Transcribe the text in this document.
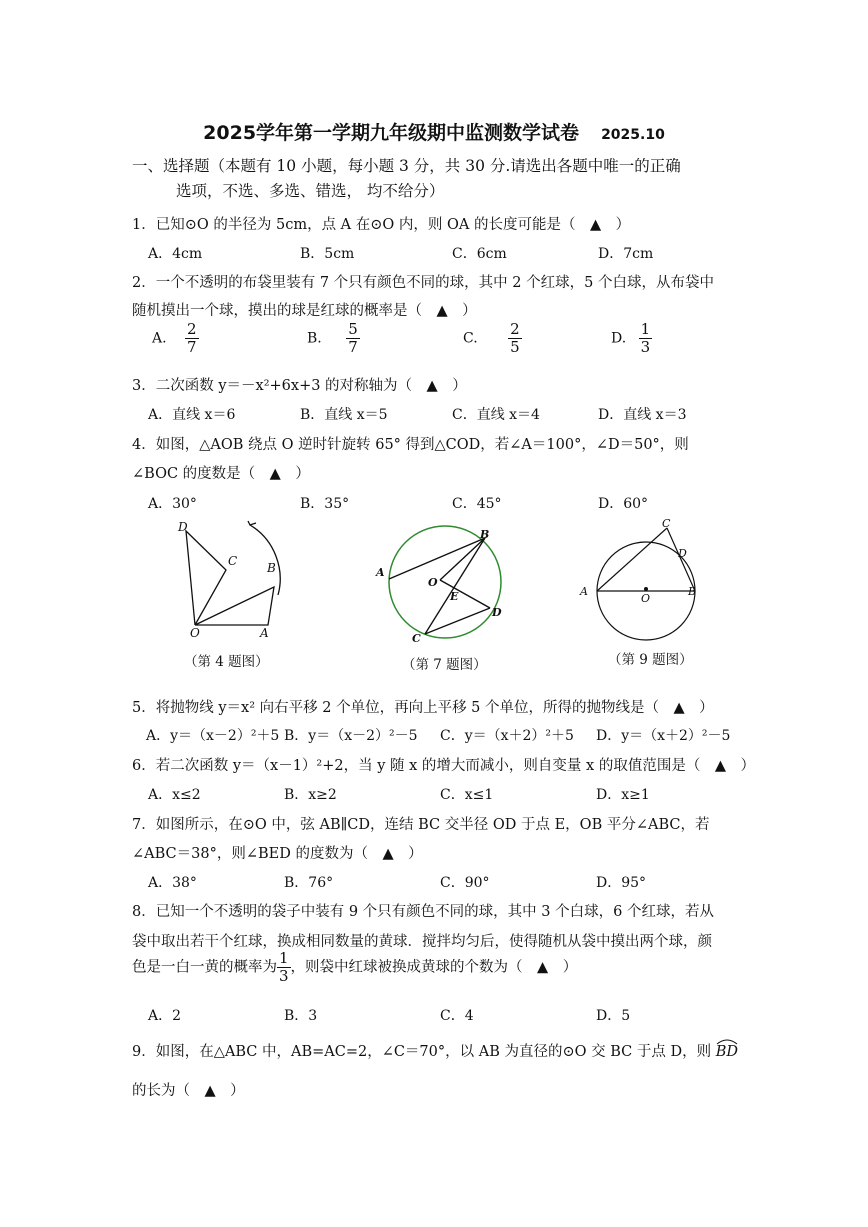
2025学年第一学期九年级期中监测数学试卷 2025.10
一、选择题（本题有 10 小题，每小题 3 分，共 30 分.请选出各题中唯一的正确
选项，不选、多选、错选， 均不给分）
1．已知⊙O 的半径为 5cm，点 A 在⊙O 内，则 OA 的长度可能是（　▲　）
A．4cm	B．5cm	C．6cm	D．7cm
2．一个不透明的布袋里装有 7 个只有颜色不同的球，其中 2 个红球，5 个白球，从布袋中
随机摸出一个球，摸出的球是红球的概率是（　▲　）
A. $\frac{2}{7}$	B. $\frac{5}{7}$	C. $\frac{2}{5}$	D. $\frac{1}{3}$
3．二次函数 y＝－x²+6x+3 的对称轴为（　▲　）
A．直线 x＝6	B．直线 x＝5	C．直线 x＝4	D．直线 x＝3
4．如图，△AOB 绕点 O 逆时针旋转 65° 得到△COD，若∠A＝100°，∠D＝50°，则
∠BOC 的度数是（　▲　）
A．30°	B．35°	C．45°	D．60°
D
C B
O	A
（第 4 题图）
B
A
O
E
D
C
（第 7 题图）
C
D
A
O
B
（第 9 题图）
5．将抛物线 y＝x² 向右平移 2 个单位，再向上平移 5 个单位，所得的抛物线是（　▲　）
A．y＝（x－2）²＋5 B．y＝（x－2）²－5 C．y＝（x＋2）²＋5 D．y＝（x＋2）²－5
6．若二次函数 y＝（x－1）²+2，当 y 随 x 的增大而减小，则自变量 x 的取值范围是（　▲　）
A．x≤2	B．x≥2	C．x≤1	D．x≥1
7．如图所示，在⊙O 中，弦 AB∥CD，连结 BC 交半径 OD 于点 E，OB 平分∠ABC，若
∠ABC＝38°，则∠BED 的度数为（　▲　）
A．38°	B．76°	C．90°	D．95°
8．已知一个不透明的袋子中装有 9 个只有颜色不同的球，其中 3 个白球，6 个红球，若从
袋中取出若干个红球，换成相同数量的黄球．搅拌均匀后，使得随机从袋中摸出两个球，颜
色是一白一黄的概率为 $\frac{1}{3}$ ，则袋中红球被换成黄球的个数为（　▲　）
A．2	B．3	C．4	D．5
9．如图，在△ABC 中，AB=AC=2，∠C＝70°，以 AB 为直径的⊙O 交 BC 于点 D，则 BD
的长为（　▲　）
